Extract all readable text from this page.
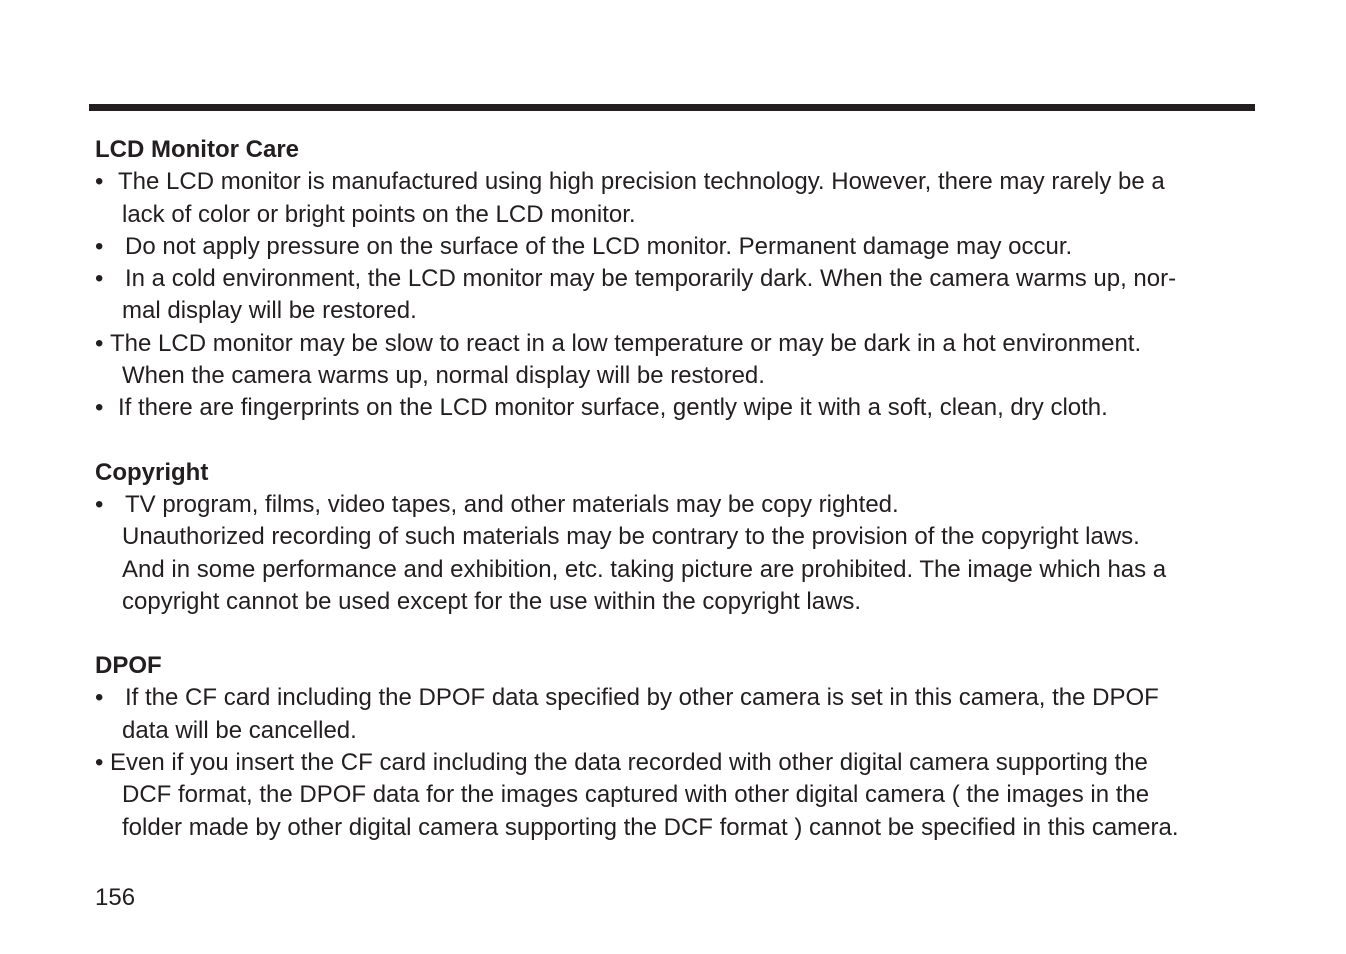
LCD Monitor Care

• The LCD monitor is manufactured using high precision technology. However, there may rarely be a
lack of color or bright points on the LCD monitor.

• Do not apply pressure on the surface of the LCD monitor. Permanent damage may occur.

• In a cold environment, the LCD monitor may be temporarily dark. When the camera warms up, nor-
mal display will be restored.

• The LCD monitor may be slow to react in a low temperature or may be dark in a hot environment.
When the camera warms up, normal display will be restored.

• If there are fingerprints on the LCD monitor surface, gently wipe it with a soft, clean, dry cloth.

Copyright

• TV program, films, video tapes, and other materials may be copy righted.
Unauthorized recording of such materials may be contrary to the provision of the copyright laws.
And in some performance and exhibition, etc. taking picture are prohibited. The image which has a
copyright cannot be used except for the use within the copyright laws.

DPOF

• If the CF card including the DPOF data specified by other camera is set in this camera, the DPOF
data will be cancelled.

• Even if you insert the CF card including the data recorded with other digital camera supporting the
DCF format, the DPOF data for the images captured with other digital camera ( the images in the
folder made by other digital camera supporting the DCF format ) cannot be specified in this camera.

156
